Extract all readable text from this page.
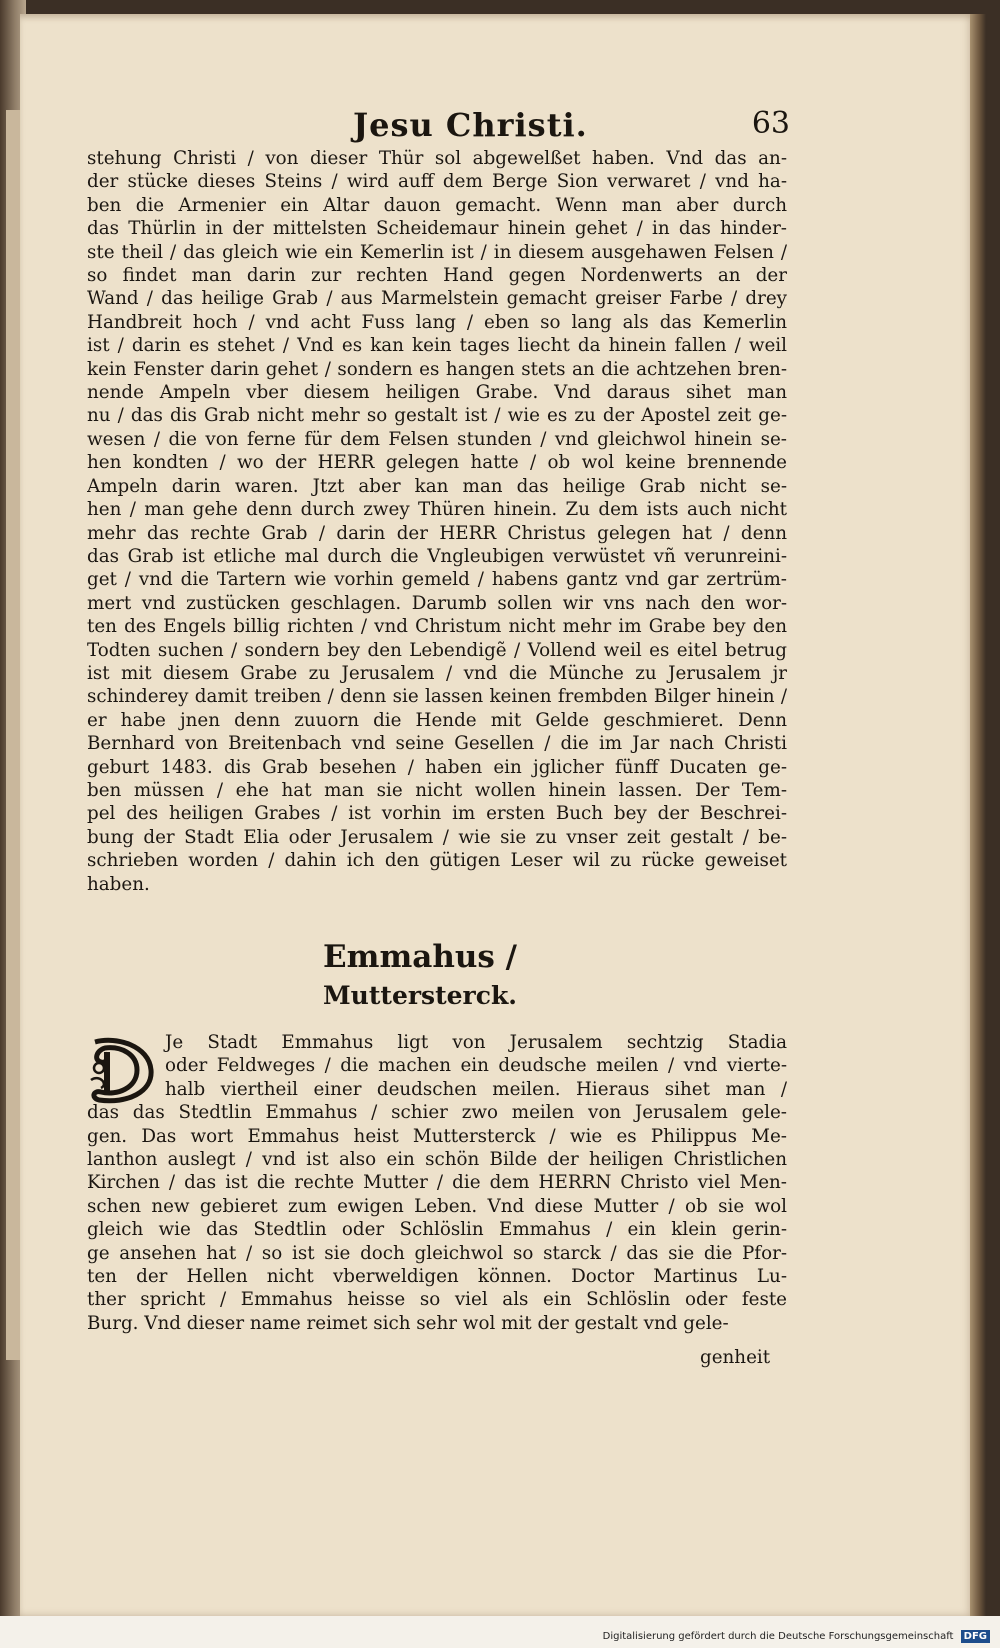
Jesu Christi.	63
stehung Christi / von dieser Thür sol abgewelßet haben. Vnd das an-
der stücke dieses Steins / wird auff dem Berge Sion verwaret / vnd ha-
ben die Armenier ein Altar dauon gemacht. Wenn man aber durch
das Thürlin in der mittelsten Scheidemaur hinein gehet / in das hinder-
ste theil / das gleich wie ein Kemerlin ist / in diesem ausgehawen Felsen /
so findet man darin zur rechten Hand gegen Nordenwerts an der
Wand / das heilige Grab / aus Marmelstein gemacht greiser Farbe / drey
Handbreit hoch / vnd acht Fuss lang / eben so lang als das Kemerlin
ist / darin es stehet / Vnd es kan kein tages liecht da hinein fallen / weil
kein Fenster darin gehet / sondern es hangen stets an die achtzehen bren-
nende Ampeln vber diesem heiligen Grabe. Vnd daraus sihet man
nu / das dis Grab nicht mehr so gestalt ist / wie es zu der Apostel zeit ge-
wesen / die von ferne für dem Felsen stunden / vnd gleichwol hinein se-
hen kondten / wo der HERR gelegen hatte / ob wol keine brennende
Ampeln darin waren. Jtzt aber kan man das heilige Grab nicht se-
hen / man gehe denn durch zwey Thüren hinein. Zu dem ists auch nicht
mehr das rechte Grab / darin der HERR Christus gelegen hat / denn
das Grab ist etliche mal durch die Vngleubigen verwüstet vñ verunreini-
get / vnd die Tartern wie vorhin gemeld / habens gantz vnd gar zertrüm-
mert vnd zustücken geschlagen. Darumb sollen wir vns nach den wor-
ten des Engels billig richten / vnd Christum nicht mehr im Grabe bey den
Todten suchen / sondern bey den Lebendigẽ / Vollend weil es eitel betrug
ist mit diesem Grabe zu Jerusalem / vnd die Münche zu Jerusalem jr
schinderey damit treiben / denn sie lassen keinen frembden Bilger hinein /
er habe jnen denn zuuorn die Hende mit Gelde geschmieret. Denn
Bernhard von Breitenbach vnd seine Gesellen / die im Jar nach Christi
geburt 1483. dis Grab besehen / haben ein jglicher fünff Ducaten ge-
ben müssen / ehe hat man sie nicht wollen hinein lassen. Der Tem-
pel des heiligen Grabes / ist vorhin im ersten Buch bey der Beschrei-
bung der Stadt Elia oder Jerusalem / wie sie zu vnser zeit gestalt / be-
schrieben worden / dahin ich den gütigen Leser wil zu rücke geweiset
haben.
Emmahus /
Muttersterck.
Je Stadt Emmahus ligt von Jerusalem sechtzig Stadia
oder Feldweges / die machen ein deudsche meilen / vnd vierte-
halb viertheil einer deudschen meilen. Hieraus sihet man /
das das Stedtlin Emmahus / schier zwo meilen von Jerusalem gele-
gen. Das wort Emmahus heist Muttersterck / wie es Philippus Me-
lanthon auslegt / vnd ist also ein schön Bilde der heiligen Christlichen
Kirchen / das ist die rechte Mutter / die dem HERRN Christo viel Men-
schen new gebieret zum ewigen Leben. Vnd diese Mutter / ob sie wol
gleich wie das Stedtlin oder Schlöslin Emmahus / ein klein gerin-
ge ansehen hat / so ist sie doch gleichwol so starck / das sie die Pfor-
ten der Hellen nicht vberweldigen können. Doctor Martinus Lu-
ther spricht / Emmahus heisse so viel als ein Schlöslin oder feste
Burg. Vnd dieser name reimet sich sehr wol mit der gestalt vnd gele-
genheit
Digitalisierung gefördert durch die Deutsche Forschungsgemeinschaft DFG
